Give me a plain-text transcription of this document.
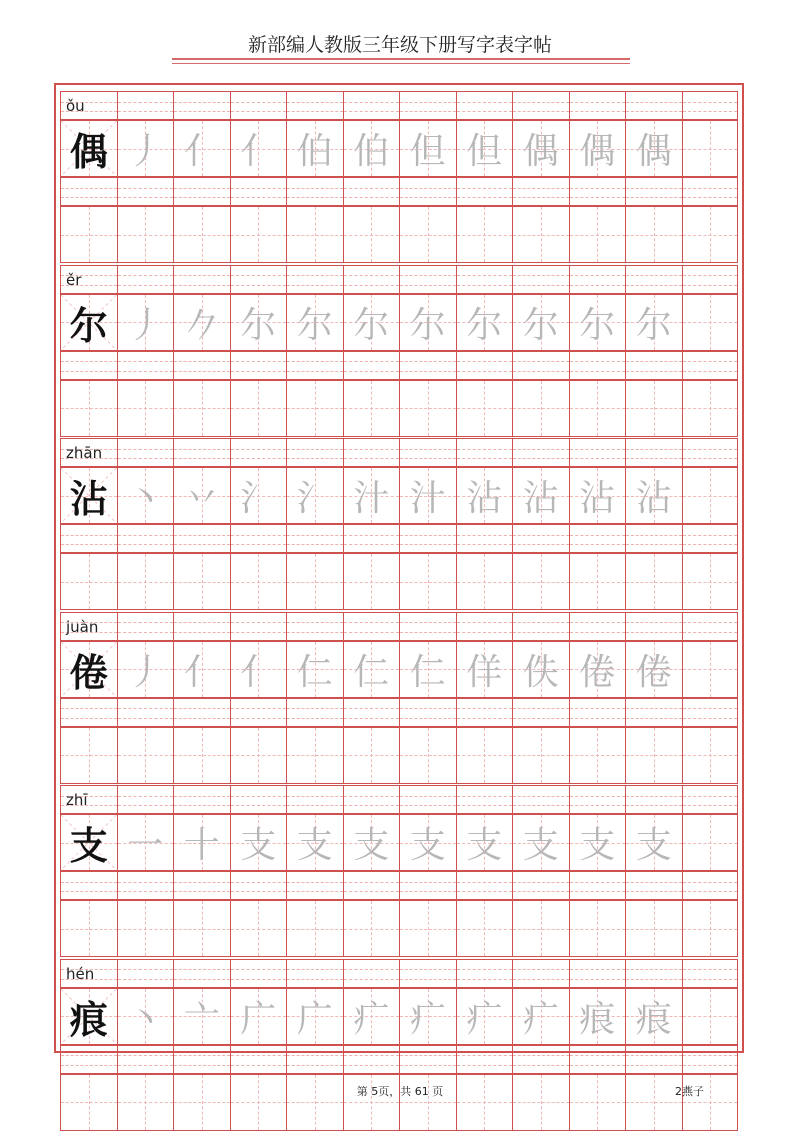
新部编人教版三年级下册写字表字帖
ǒu
偶 丿 亻 亻 伯 伯 但 但 偶 偶 偶
ěr
尔 丿 𠂊 尔 尔 尔 尔 尔 尔 尔 尔
zhān
沾 丶 丷 氵 氵 汁 汁 沾 沾 沾 沾
juàn
倦 丿 亻 亻 仁 仁 仁 佯 佚 倦 倦
zhī
支 一 十 支 支 支 支 支 支 支 支
hén
痕 丶 亠 广 广 疒 疒 疒 疒 痕 痕
第 5页，共 61 页	2燕子
